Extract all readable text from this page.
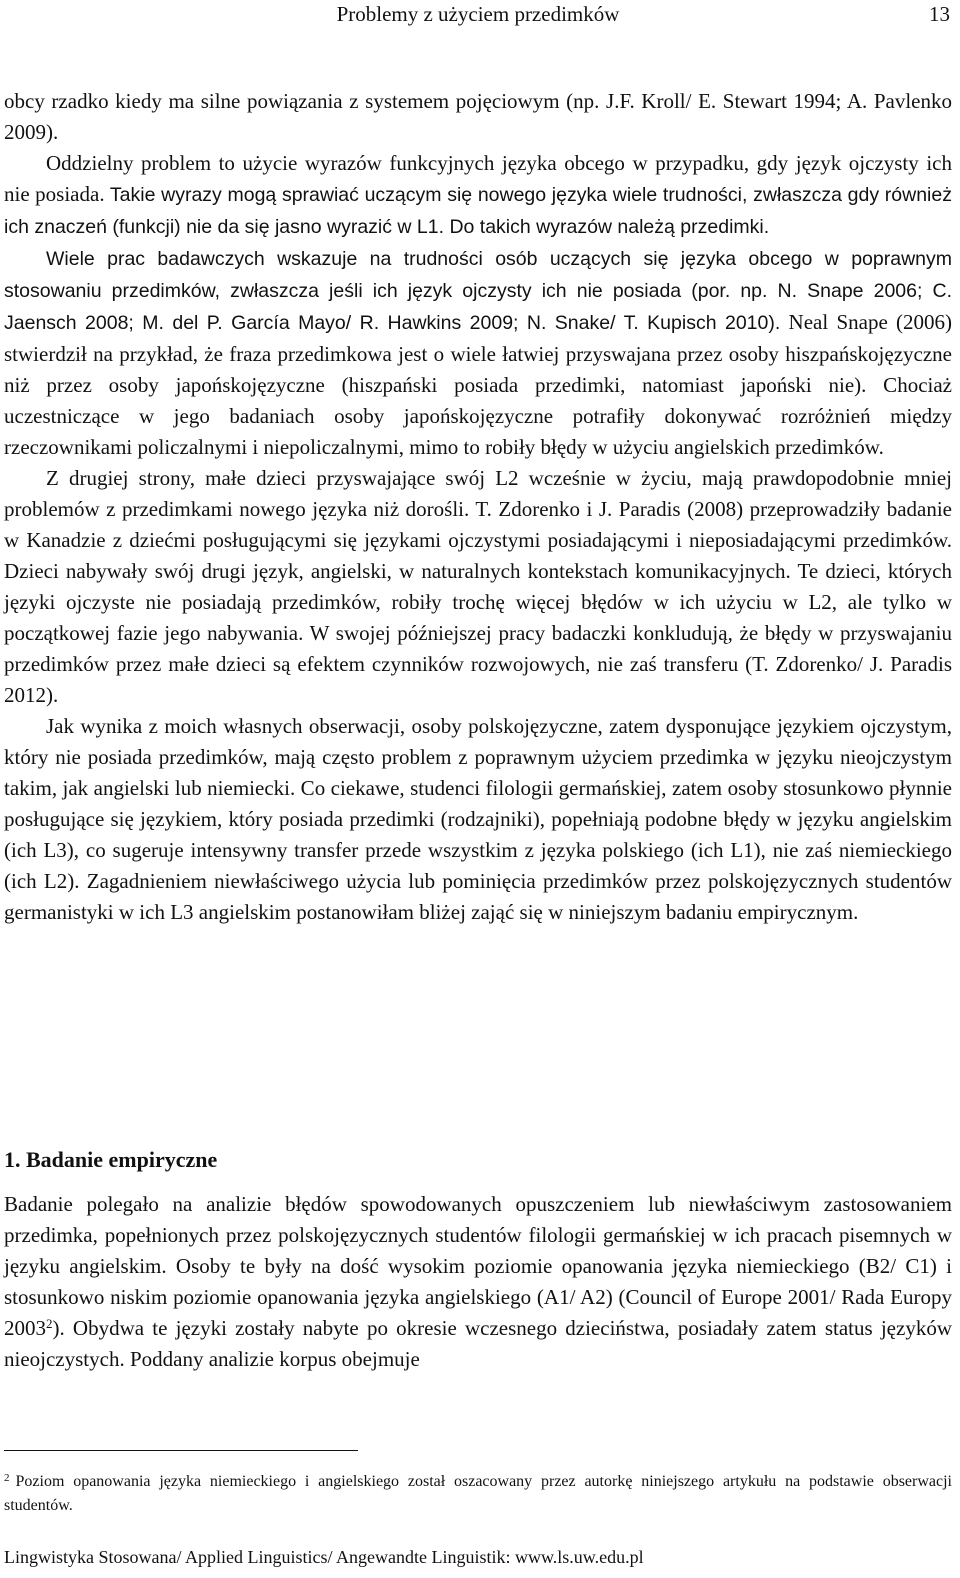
Problemy z użyciem przedimków	13

obcy rzadko kiedy ma silne powiązania z systemem pojęciowym (np. J.F. Kroll/ E. Stewart 1994; A. Pavlenko 2009).

Oddzielny problem to użycie wyrazów funkcyjnych języka obcego w przypadku, gdy język ojczysty ich nie posiada. Takie wyrazy mogą sprawiać uczącym się nowego języka wiele trudności, zwłaszcza gdy również ich znaczeń (funkcji) nie da się jasno wyrazić w L1. Do takich wyrazów należą przedimki.

Wiele prac badawczych wskazuje na trudności osób uczących się języka obcego w poprawnym stosowaniu przedimków, zwłaszcza jeśli ich język ojczysty ich nie posiada (por. np. N. Snape 2006; C. Jaensch 2008; M. del P. García Mayo/ R. Hawkins 2009; N. Snake/ T. Kupisch 2010). Neal Snape (2006) stwierdził na przykład, że fraza przedimkowa jest o wiele łatwiej przyswajana przez osoby hiszpańskojęzyczne niż przez osoby japońskojęzyczne (hiszpański posiada przedimki, natomiast japoński nie). Chociaż uczestniczące w jego badaniach osoby japońskojęzyczne potrafiły dokonywać rozróżnień między rzeczownikami policzalnymi i niepoliczalnymi, mimo to robiły błędy w użyciu angielskich przedimków.

Z drugiej strony, małe dzieci przyswajające swój L2 wcześnie w życiu, mają prawdopodobnie mniej problemów z przedimkami nowego języka niż dorośli. T. Zdorenko i J. Paradis (2008) przeprowadziły badanie w Kanadzie z dziećmi posługującymi się językami ojczystymi posiadającymi i nieposiadającymi przedimków. Dzieci nabywały swój drugi język, angielski, w naturalnych kontekstach komunikacyjnych. Te dzieci, których języki ojczyste nie posiadają przedimków, robiły trochę więcej błędów w ich użyciu w L2, ale tylko w początkowej fazie jego nabywania. W swojej późniejszej pracy badaczki konkludują, że błędy w przyswajaniu przedimków przez małe dzieci są efektem czynników rozwojowych, nie zaś transferu (T. Zdorenko/ J. Paradis 2012).

Jak wynika z moich własnych obserwacji, osoby polskojęzyczne, zatem dysponujące językiem ojczystym, który nie posiada przedimków, mają często problem z poprawnym użyciem przedimka w języku nieojczystym takim, jak angielski lub niemiecki. Co ciekawe, studenci filologii germańskiej, zatem osoby stosunkowo płynnie posługujące się językiem, który posiada przedimki (rodzajniki), popełniają podobne błędy w języku angielskim (ich L3), co sugeruje intensywny transfer przede wszystkim z języka polskiego (ich L1), nie zaś niemieckiego (ich L2). Zagadnieniem niewłaściwego użycia lub pominięcia przedimków przez polskojęzycznych studentów germanistyki w ich L3 angielskim postanowiłam bliżej zająć się w niniejszym badaniu empirycznym.

1. Badanie empiryczne

Badanie polegało na analizie błędów spowodowanych opuszczeniem lub niewłaściwym zastosowaniem przedimka, popełnionych przez polskojęzycznych studentów filologii germańskiej w ich pracach pisemnych w języku angielskim. Osoby te były na dość wysokim poziomie opanowania języka niemieckiego (B2/ C1) i stosunkowo niskim poziomie opanowania języka angielskiego (A1/ A2) (Council of Europe 2001/ Rada Europy 2003$^2$). Obydwa te języki zostały nabyte po okresie wczesnego dzieciństwa, posiadały zatem status języków nieojczystych. Poddany analizie korpus obejmuje

$^2$ Poziom opanowania języka niemieckiego i angielskiego został oszacowany przez autorkę niniejszego artykułu na podstawie obserwacji studentów.
Lingwistyka Stosowana/ Applied Linguistics/ Angewandte Linguistik: www.ls.uw.edu.pl
